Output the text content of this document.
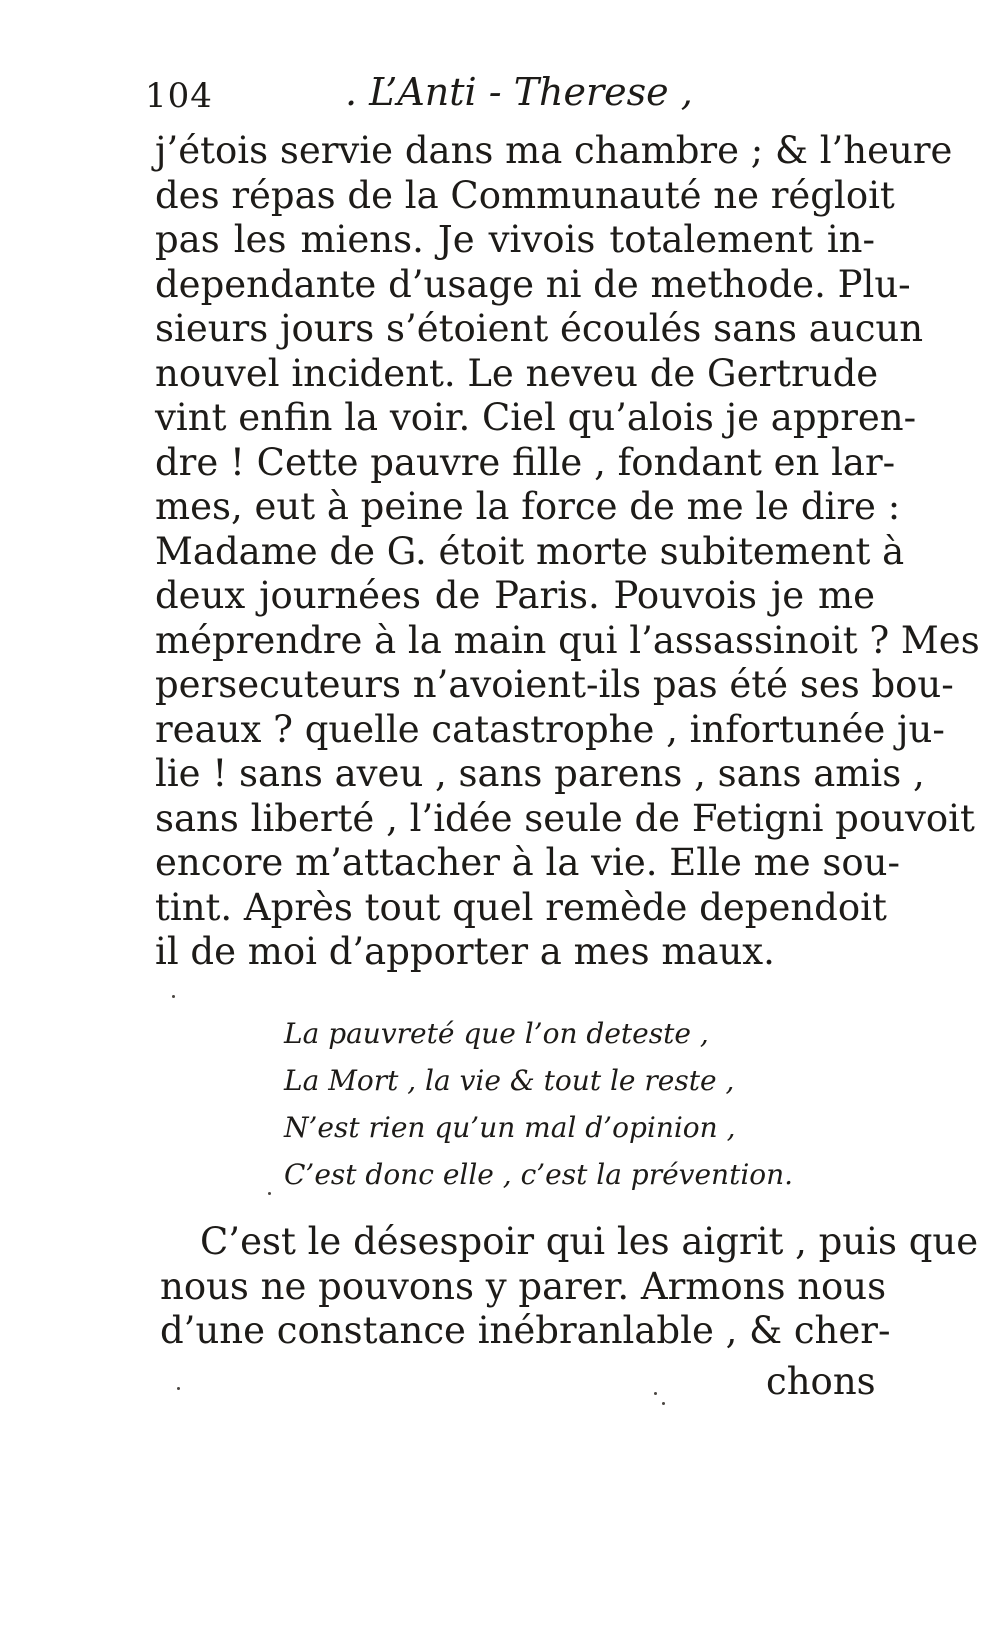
104	. L’Anti - Therese ,
j’étois servie dans ma chambre ; & l’heure
des répas de la Communauté ne régloit
pas les miens. Je vivois totalement in-
dependante d’usage ni de methode. Plu-
sieurs jours s’étoient écoulés sans aucun
nouvel incident. Le neveu de Gertrude
vint enfin la voir. Ciel qu’alois je appren-
dre ! Cette pauvre fille , fondant en lar-
mes, eut à peine la force de me le dire :
Madame de G. étoit morte subitement à
deux journées de Paris. Pouvois je me
méprendre à la main qui l’assassinoit ? Mes
persecuteurs n’avoient-ils pas été ses bou-
reaux ? quelle catastrophe , infortunée ju-
lie ! sans aveu , sans parens , sans amis ,
sans liberté , l’idée seule de Fetigni pouvoit
encore m’attacher à la vie. Elle me sou-
tint. Après tout quel remède dependoit
il de moi d’apporter a mes maux.
La pauvreté que l’on deteste ,
La Mort , la vie & tout le reste ,
N’est rien qu’un mal d’opinion ,
C’est donc elle , c’est la prévention.
C’est le désespoir qui les aigrit , puis que
nous ne pouvons y parer. Armons nous
d’une constance inébranlable , & cher-
chons
